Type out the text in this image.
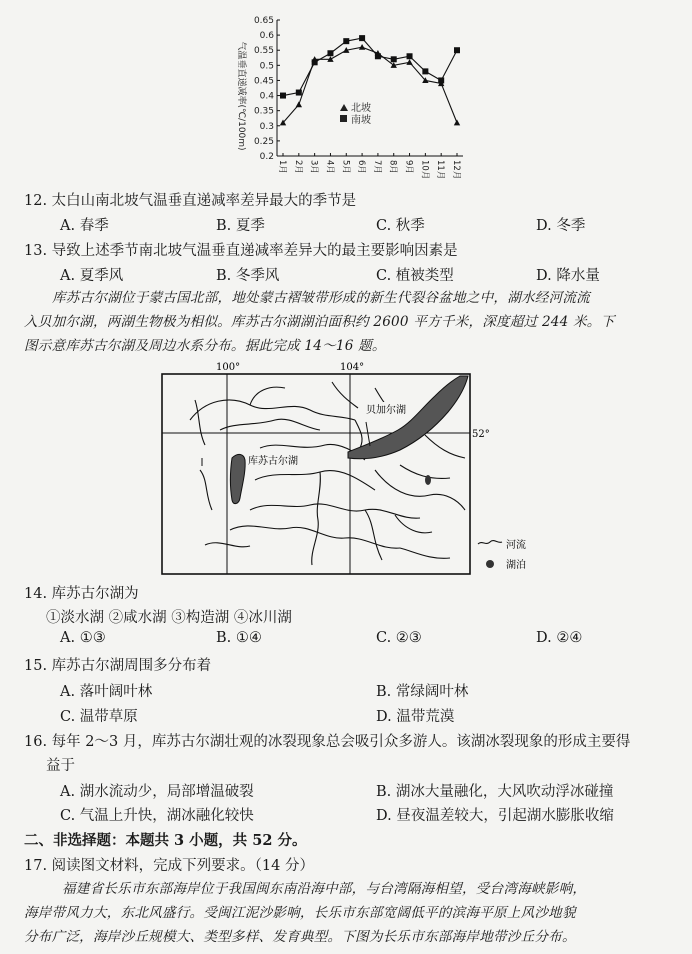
0.65
0.6
0.55
0.5
0.45
0.4
0.35
0.3
0.25
0.2
1月 2月 3月 4月 5月 6月 7月 8月 9月 10月 11月 12月
气温垂直递减率(℃/100m)	北坡
南坡
12. 太白山南北坡气温垂直递减率差异最大的季节是
A. 春季	B. 夏季	C. 秋季	D. 冬季
13. 导致上述季节南北坡气温垂直递减率差异大的最主要影响因素是
A. 夏季风	B. 冬季风	C. 植被类型	D. 降水量
库苏古尔湖位于蒙古国北部，地处蒙古褶皱带形成的新生代裂谷盆地之中，湖水经河流流
入贝加尔湖，两湖生物极为相似。库苏古尔湖湖泊面积约 2600 平方千米，深度超过 244 米。下
图示意库苏古尔湖及周边水系分布。据此完成 14～16 题。
100°	104°
52°
贝加尔湖
库苏古尔湖
河流
湖泊
14. 库苏古尔湖为
①淡水湖 ②咸水湖 ③构造湖 ④冰川湖
A. ①③	B. ①④	C. ②③	D. ②④
15. 库苏古尔湖周围多分布着
A. 落叶阔叶林	B. 常绿阔叶林
C. 温带草原	D. 温带荒漠
16. 每年 2～3 月，库苏古尔湖壮观的冰裂现象总会吸引众多游人。该湖冰裂现象的形成主要得
益于
A. 湖水流动少，局部增温破裂	B. 湖冰大量融化，大风吹动浮冰碰撞
C. 气温上升快，湖冰融化较快	D. 昼夜温差较大，引起湖水膨胀收缩
二、非选择题：本题共 3 小题，共 52 分。
17. 阅读图文材料，完成下列要求。（14 分）
福建省长乐市东部海岸位于我国闽东南沿海中部，与台湾隔海相望，受台湾海峡影响，
海岸带风力大，东北风盛行。受闽江泥沙影响，长乐市东部宽阔低平的滨海平原上风沙地貌
分布广泛，海岸沙丘规模大、类型多样、发育典型。下图为长乐市东部海岸地带沙丘分布。
